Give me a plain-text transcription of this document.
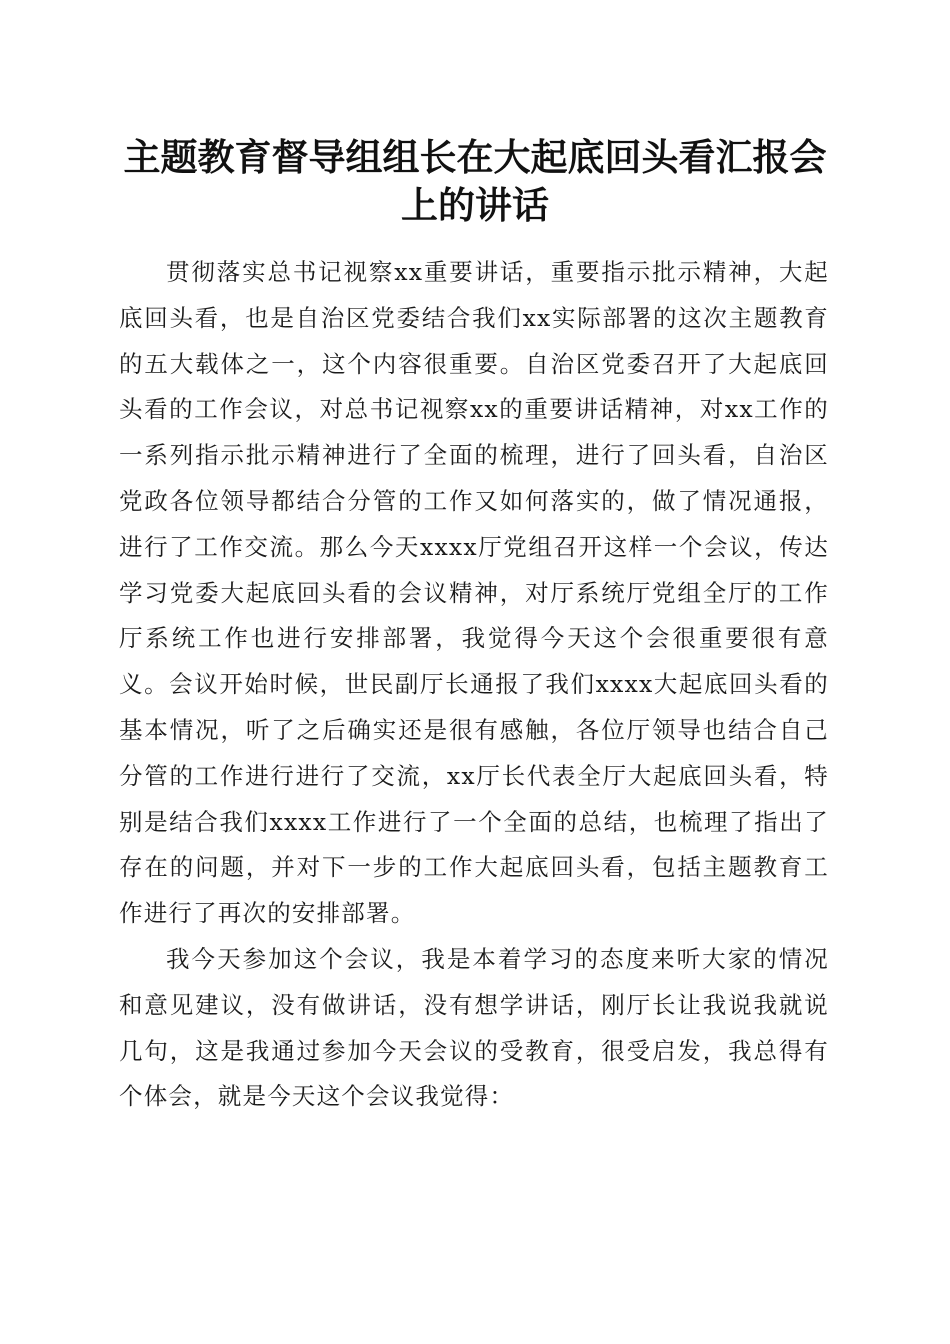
主题教育督导组组长在大起底回头看汇报会上的讲话

贯彻落实总书记视察xx重要讲话，重要指示批示精神，大起底回头看，也是自治区党委结合我们xx实际部署的这次主题教育的五大载体之一，这个内容很重要。自治区党委召开了大起底回头看的工作会议，对总书记视察xx的重要讲话精神，对xx工作的一系列指示批示精神进行了全面的梳理，进行了回头看，自治区党政各位领导都结合分管的工作又如何落实的，做了情况通报，进行了工作交流。那么今天xxxx厅党组召开这样一个会议，传达学习党委大起底回头看的会议精神，对厅系统厅党组全厅的工作厅系统工作也进行安排部署，我觉得今天这个会很重要很有意义。会议开始时候，世民副厅长通报了我们xxxx大起底回头看的基本情况，听了之后确实还是很有感触，各位厅领导也结合自己分管的工作进行进行了交流，xx厅长代表全厅大起底回头看，特别是结合我们xxxx工作进行了一个全面的总结，也梳理了指出了存在的问题，并对下一步的工作大起底回头看，包括主题教育工作进行了再次的安排部署。

我今天参加这个会议，我是本着学习的态度来听大家的情况和意见建议，没有做讲话，没有想学讲话，刚厅长让我说我就说几句，这是我通过参加今天会议的受教育，很受启发，我总得有个体会，就是今天这个会议我觉得：
